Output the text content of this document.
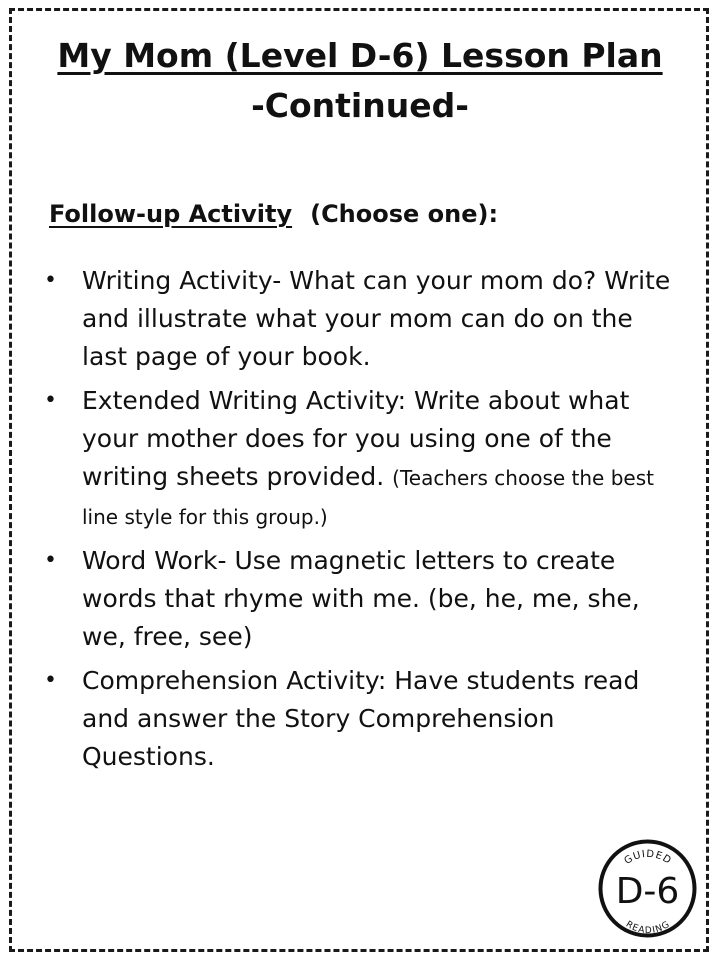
My Mom (Level D-6) Lesson Plan
-Continued-
Follow-up Activity (Choose one):
• Writing Activity- What can your mom do? Write and illustrate what your mom can do on the last page of your book.
• Extended Writing Activity: Write about what your mother does for you using one of the writing sheets provided. (Teachers choose the best line style for this group.)
• Word Work- Use magnetic letters to create words that rhyme with me. (be, he, me, she, we, free, see)
• Comprehension Activity: Have students read and answer the Story Comprehension Questions.
GUIDED
D-6
READING
